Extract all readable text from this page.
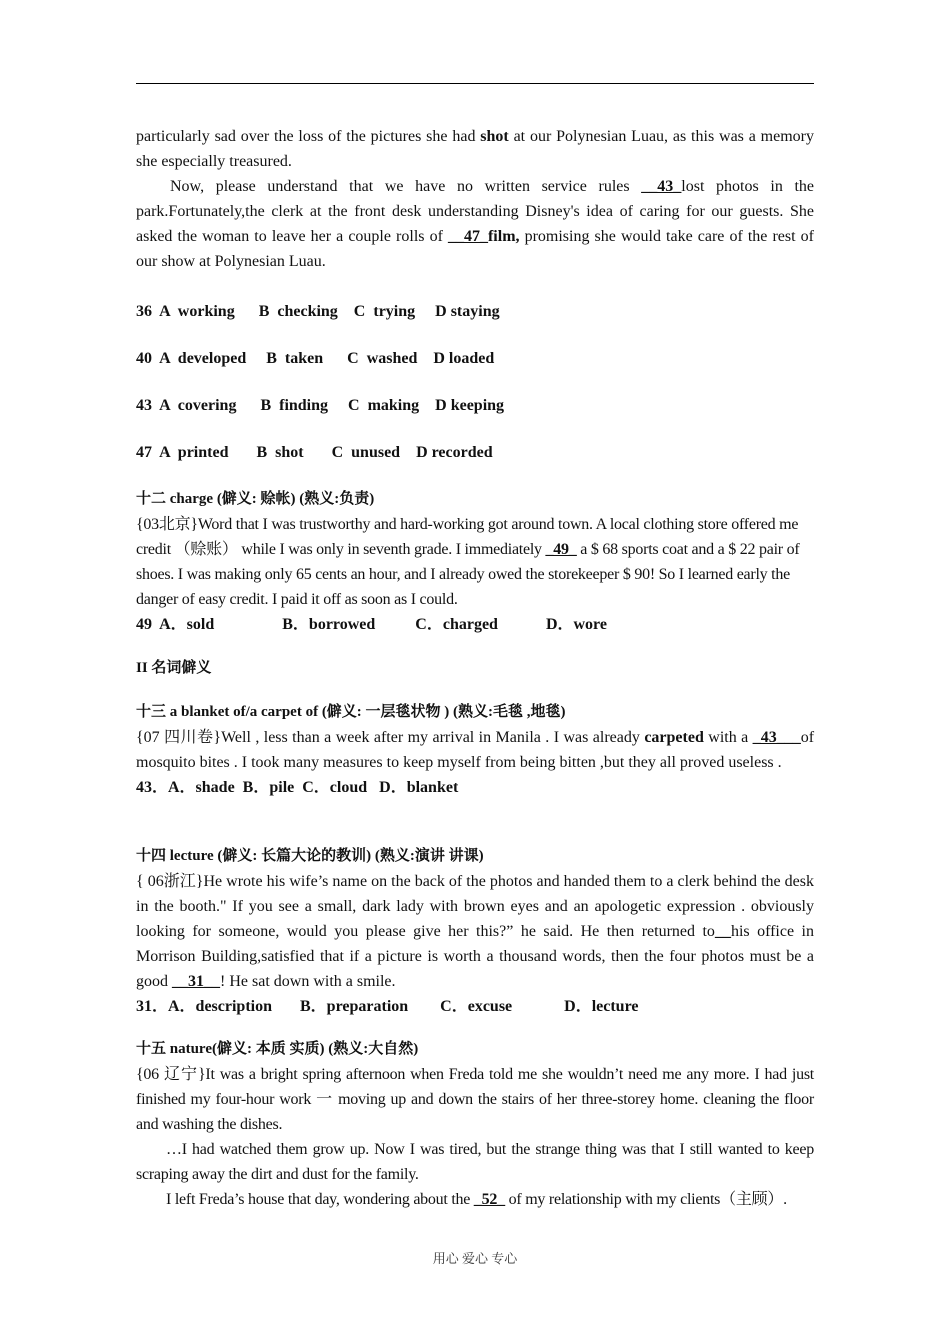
particularly sad over the loss of the pictures she had shot at our Polynesian Luau, as this was a memory she especially treasured.

Now, please understand that we have no written service rules __43_lost photos in the park.Fortunately,the clerk at the front desk understanding Disney's idea of caring for our guests. She asked the woman to leave her a couple rolls of __47_film, promising she would take care of the rest of our show at Polynesian Luau.

36  A  working      B  checking    C  trying     D staying

40  A  developed     B  taken      C  washed    D loaded

43  A  covering      B  finding     C  making    D keeping

47  A  printed       B  shot       C  unused    D recorded

十二 charge (僻义: 赊帐) (熟义:负责)

{03北京}Word that I was trustworthy and hard-working got around town. A local clothing store offered me credit （赊账） while I was only in seventh grade. I immediately _49_ a $ 68 sports coat and a $ 22 pair of shoes. I was making only 65 cents an hour, and I already owed the storekeeper $ 90! So I learned early the danger of easy credit. I paid it off as soon as I could.

49  A．sold                 B．borrowed          C．charged            D．wore

II 名词僻义

十三 a blanket of/a carpet of (僻义: 一层毯状物 ) (熟义:毛毯 ,地毯)

{07 四川卷}Well , less than a week after my arrival in Manila . I was already carpeted with a _43___of mosquito bites . I took many measures to keep myself from being bitten ,but they all proved useless .

43．A．shade  B．pile  C．cloud   D．blanket

十四 lecture (僻义: 长篇大论的教训) (熟义:演讲 讲课)

{ 06浙江}He wrote his wife’s name on the back of the photos and handed them to a clerk behind the desk in the booth." If you see a small, dark lady with brown eyes and an apologetic expression . obviously looking for someone, would you please give her this?” he said. He then returned to__his office in Morrison Building,satisfied that if a picture is worth a thousand words, then the four photos must be a good __31__! He sat down with a smile.

31．A．description       B．preparation        C．excuse             D．lecture

十五 nature(僻义: 本质 实质) (熟义:大自然)

{06 辽宁}It was a bright spring afternoon when Freda told me she wouldn’t need me any more. I had just finished my four-hour work 一 moving up and down the stairs of her three-storey home. cleaning the floor and washing the dishes.

…I had watched them grow up. Now I was tired, but the strange thing was that I still wanted to keep scraping away the dirt and dust for the family.

I left Freda’s house that day, wondering about the _52_ of my relationship with my clients（主顾）.

用心 爱心 专心
